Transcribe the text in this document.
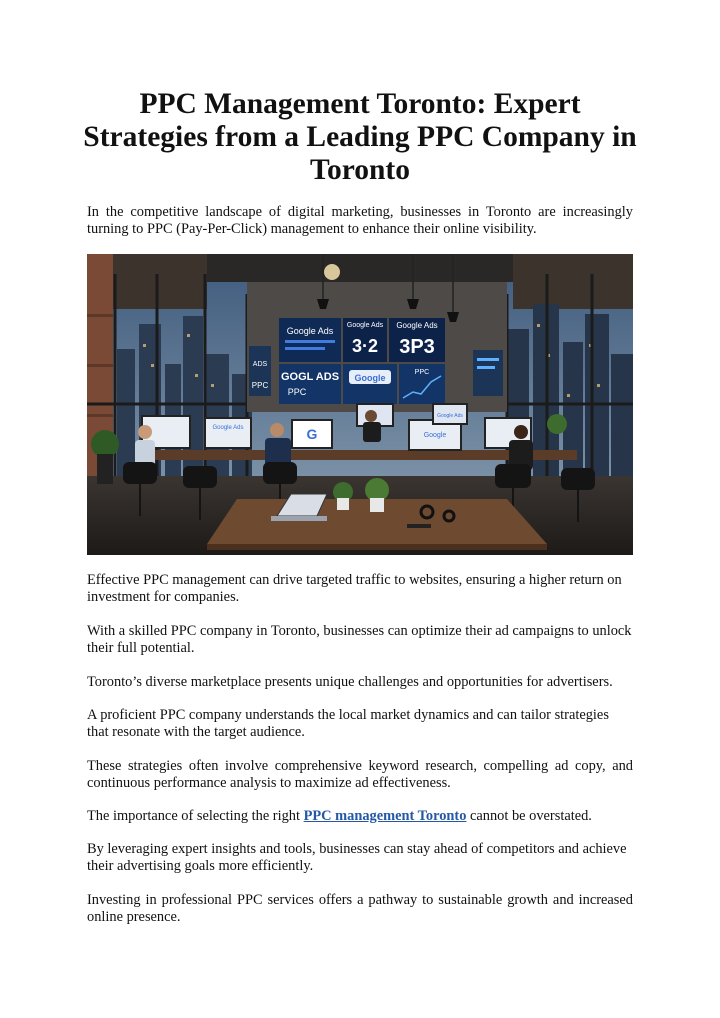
PPC Management Toronto: Expert Strategies from a Leading PPC Company in Toronto

In the competitive landscape of digital marketing, businesses in Toronto are increasingly turning to PPC (Pay-Per-Click) management to enhance their online visibility.

Google Ads
Google Ads
3·2
Google Ads
3P3
GOGL ADS
PPC
Google
PPC
ADS
PPC
Google Ads	G	Google
Google Ads

Effective PPC management can drive targeted traffic to websites, ensuring a higher return on investment for companies.

With a skilled PPC company in Toronto, businesses can optimize their ad campaigns to unlock their full potential.

Toronto’s diverse marketplace presents unique challenges and opportunities for advertisers.

A proficient PPC company understands the local market dynamics and can tailor strategies that resonate with the target audience.

These strategies often involve comprehensive keyword research, compelling ad copy, and continuous performance analysis to maximize ad effectiveness.

The importance of selecting the right PPC management Toronto cannot be overstated.

By leveraging expert insights and tools, businesses can stay ahead of competitors and achieve their advertising goals more efficiently.

Investing in professional PPC services offers a pathway to sustainable growth and increased online presence.
